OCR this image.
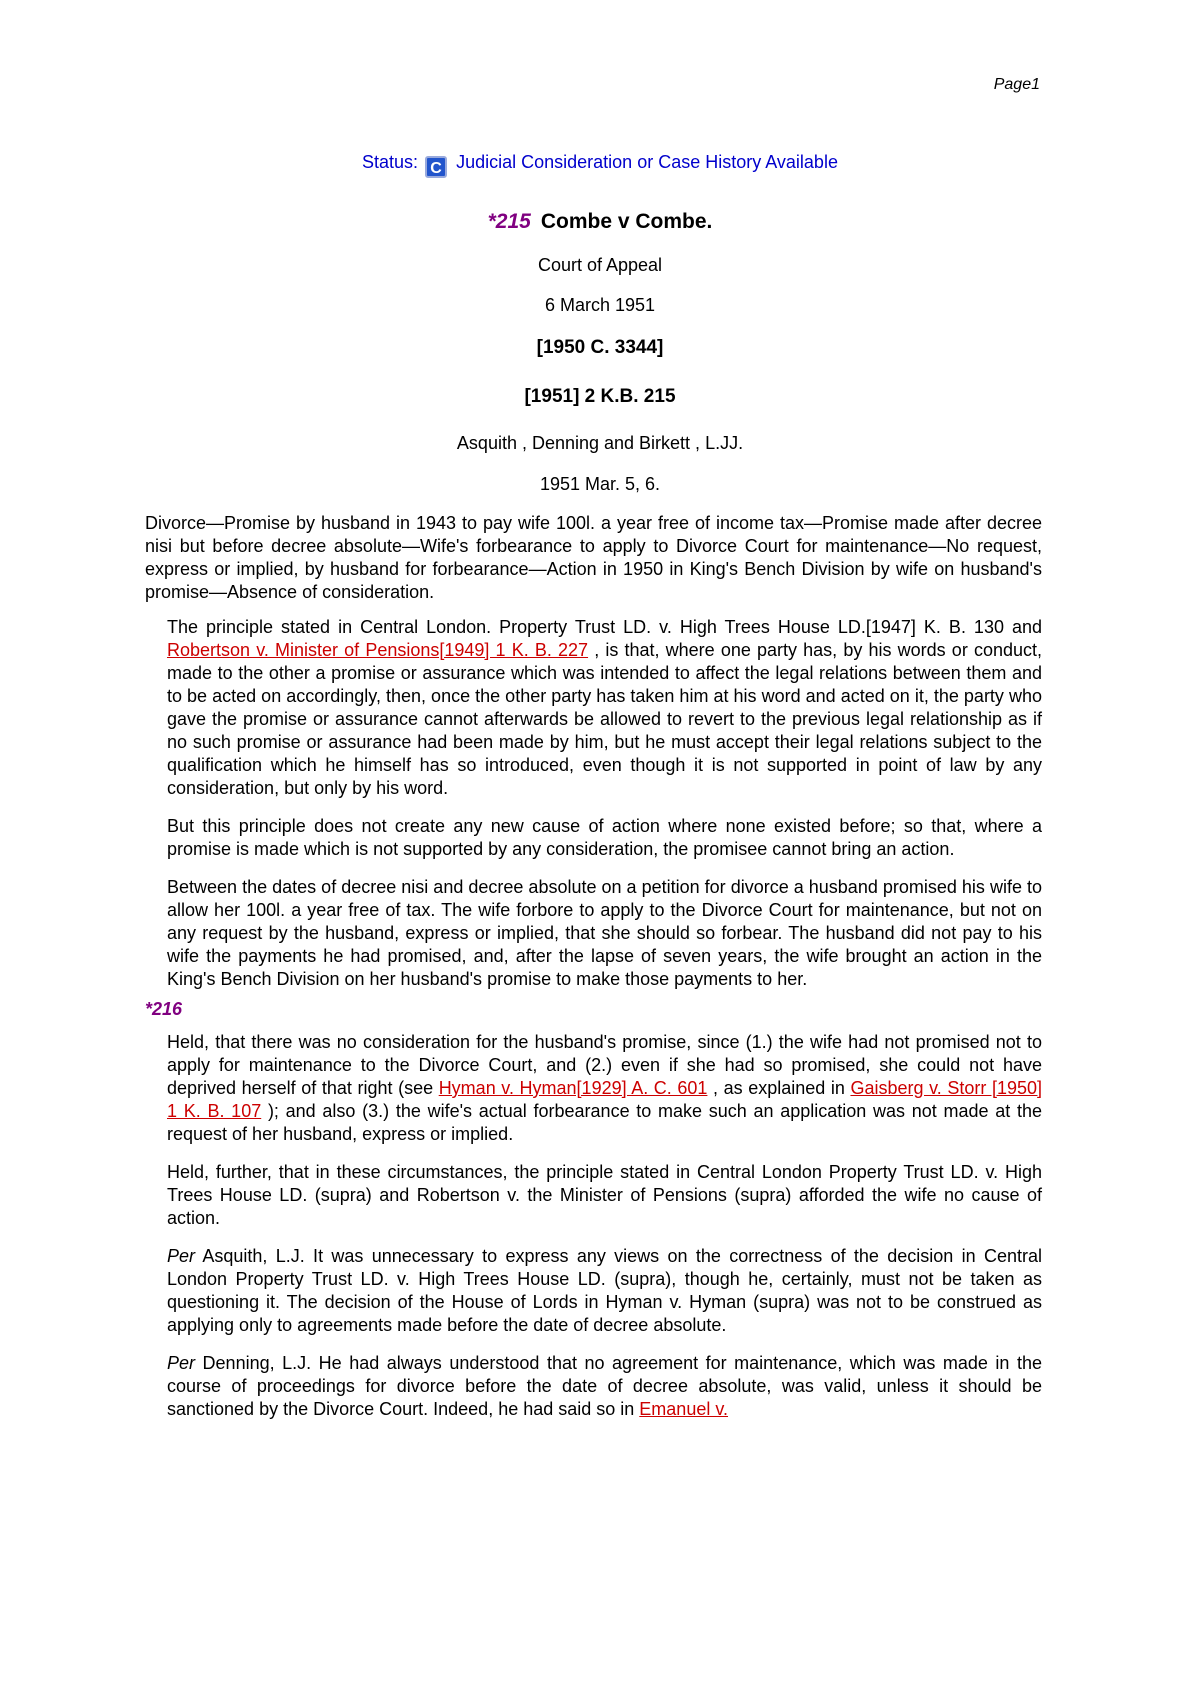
Page1
Status: C Judicial Consideration or Case History Available
*215 Combe v Combe.
Court of Appeal
6 March 1951
[1950 C. 3344]
[1951] 2 K.B. 215
Asquith , Denning and Birkett , L.JJ.
1951 Mar. 5, 6.

Divorce—Promise by husband in 1943 to pay wife 100l. a year free of income tax—Promise made after decree nisi but before decree absolute—Wife's forbearance to apply to Divorce Court for maintenance—No request, express or implied, by husband for forbearance—Action in 1950 in King's Bench Division by wife on husband's promise—Absence of consideration.

The principle stated in Central London. Property Trust LD. v. High Trees House LD.[1947] K. B. 130 and Robertson v. Minister of Pensions[1949] 1 K. B. 227 , is that, where one party has, by his words or conduct, made to the other a promise or assurance which was intended to affect the legal relations between them and to be acted on accordingly, then, once the other party has taken him at his word and acted on it, the party who gave the promise or assurance cannot afterwards be allowed to revert to the previous legal relationship as if no such promise or assurance had been made by him, but he must accept their legal relations subject to the qualification which he himself has so introduced, even though it is not supported in point of law by any consideration, but only by his word.

But this principle does not create any new cause of action where none existed before; so that, where a promise is made which is not supported by any consideration, the promisee cannot bring an action.

Between the dates of decree nisi and decree absolute on a petition for divorce a husband promised his wife to allow her 100l. a year free of tax. The wife forbore to apply to the Divorce Court for maintenance, but not on any request by the husband, express or implied, that she should so forbear. The husband did not pay to his wife the payments he had promised, and, after the lapse of seven years, the wife brought an action in the King's Bench Division on her husband's promise to make those payments to her.

*216

Held, that there was no consideration for the husband's promise, since (1.) the wife had not promised not to apply for maintenance to the Divorce Court, and (2.) even if she had so promised, she could not have deprived herself of that right (see Hyman v. Hyman[1929] A. C. 601 , as explained in Gaisberg v. Storr [1950] 1 K. B. 107 ); and also (3.) the wife's actual forbearance to make such an application was not made at the request of her husband, express or implied.

Held, further, that in these circumstances, the principle stated in Central London Property Trust LD. v. High Trees House LD. (supra) and Robertson v. the Minister of Pensions (supra) afforded the wife no cause of action.

Per Asquith, L.J. It was unnecessary to express any views on the correctness of the decision in Central London Property Trust LD. v. High Trees House LD. (supra), though he, certainly, must not be taken as questioning it. The decision of the House of Lords in Hyman v. Hyman (supra) was not to be construed as applying only to agreements made before the date of decree absolute.

Per Denning, L.J. He had always understood that no agreement for maintenance, which was made in the course of proceedings for divorce before the date of decree absolute, was valid, unless it should be sanctioned by the Divorce Court. Indeed, he had said so in Emanuel v.
